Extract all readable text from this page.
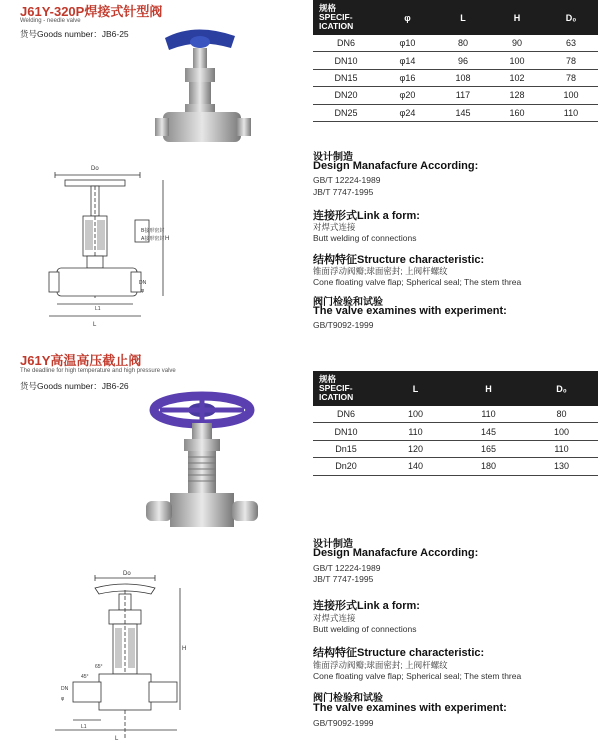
J61Y-320P焊接式针型阀
Welding - needle valve
货号Goods number：JB6-25
Do
H
L
L1
DN
φ
B接形密封
A接形密封
规格
SPECIF-
ICATION	φ	L	H	D₀
DN6	φ10	80	90	63
DN10	φ14	96	100	78
DN15	φ16	108	102	78
DN20	φ20	117	128	100
DN25	φ24	145	160	110
设计制造
Design Manafacfure According:
GB/T 12224-1989
JB/T 7747-1995
连接形式Link a form:
对焊式连接
Butt welding of connections
结构特征Structure characteristic:
锥面浮动阀瓣;球面密封; 上阀杆螺纹
Cone floating valve flap; Spherical seal; The stem threa
阀门检验和试验
The valve examines with experiment:
GB/T9092-1999
J61Y高温高压截止阀
The deadline for high temperature and high pressure valve
货号Goods number：JB6-26
Do
H
L
L1
DN
φ
45°
65°
规格
SPECIF-
ICATION	L	H	D₀
DN6	100	110	80
DN10	110	145	100
Dn15	120	165	110
Dn20	140	180	130
设计制造
Design Manafacfure According:
GB/T 12224-1989
JB/T 7747-1995
连接形式Link a form:
对焊式连接
Butt welding of connections
结构特征Structure characteristic:
锥面浮动阀瓣;球面密封; 上阀杆螺纹
Cone floating valve flap; Spherical seal; The stem threa
阀门检验和试验
The valve examines with experiment:
GB/T9092-1999
